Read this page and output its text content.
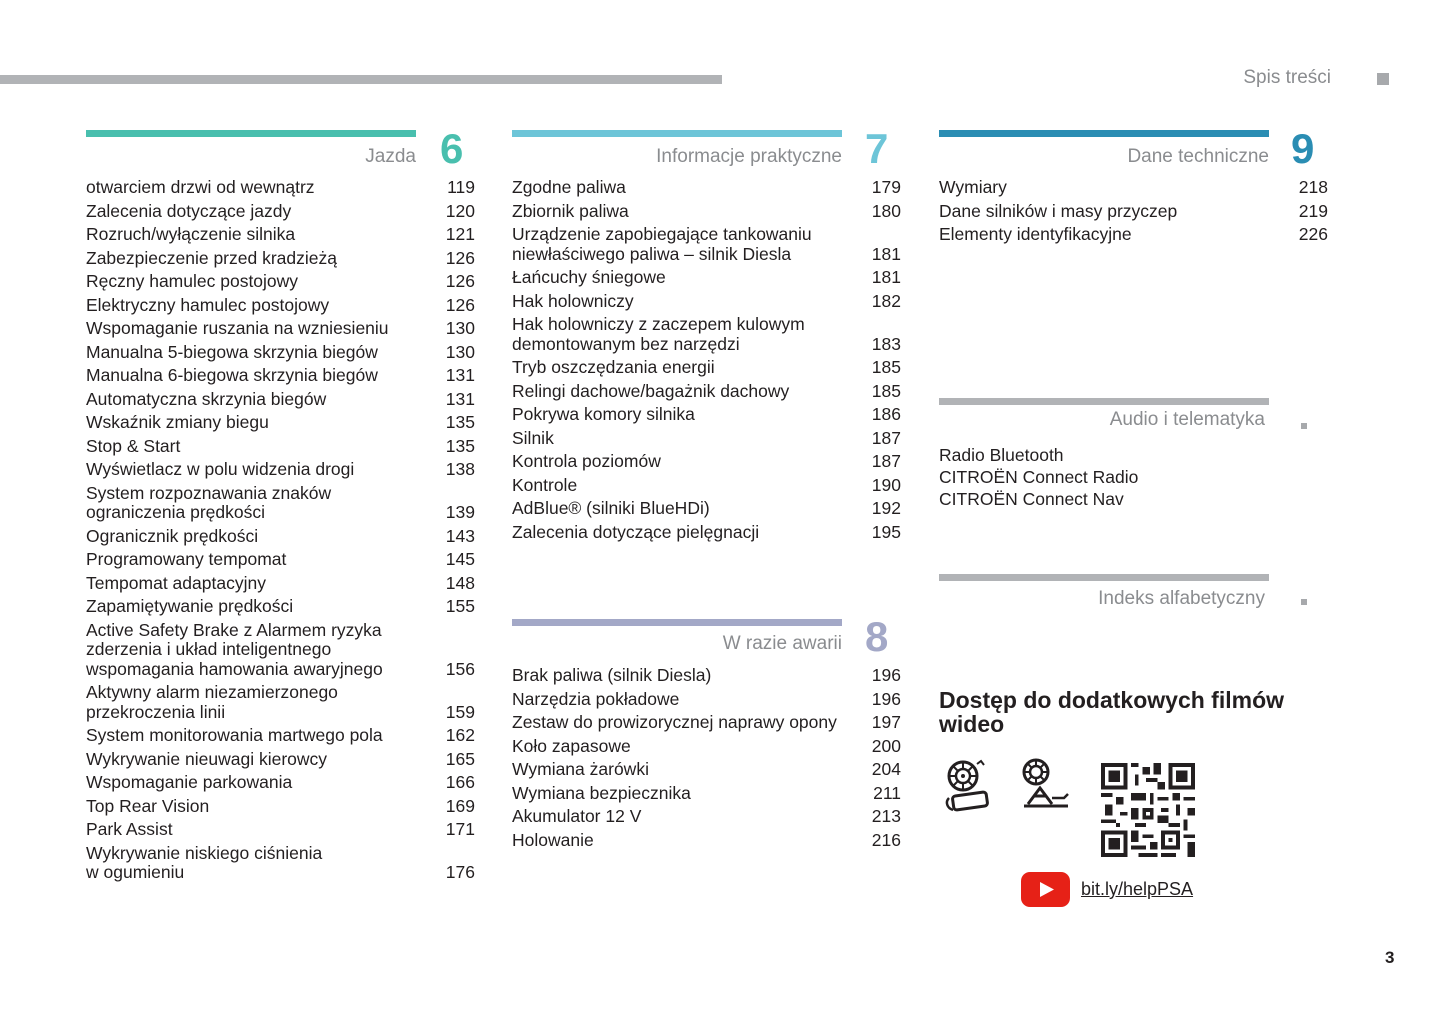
Spis treści
Jazda 6
otwarciem drzwi od wewnątrz	119
Zalecenia dotyczące jazdy	120
Rozruch/wyłączenie silnika	121
Zabezpieczenie przed kradzieżą	126
Ręczny hamulec postojowy	126
Elektryczny hamulec postojowy	126
Wspomaganie ruszania na wzniesieniu	130
Manualna 5-biegowa skrzynia biegów	130
Manualna 6-biegowa skrzynia biegów	131
Automatyczna skrzynia biegów	131
Wskaźnik zmiany biegu	135
Stop & Start	135
Wyświetlacz w polu widzenia drogi	138
System rozpoznawania znaków
ograniczenia prędkości	139
Ogranicznik prędkości	143
Programowany tempomat	145
Tempomat adaptacyjny	148
Zapamiętywanie prędkości	155
Active Safety Brake z Alarmem ryzyka
zderzenia i układ inteligentnego
wspomagania hamowania awaryjnego	156
Aktywny alarm niezamierzonego
przekroczenia linii	159
System monitorowania martwego pola	162
Wykrywanie nieuwagi kierowcy	165
Wspomaganie parkowania	166
Top Rear Vision	169
Park Assist	171
Wykrywanie niskiego ciśnienia
w ogumieniu	176
Informacje praktyczne 7
Zgodne paliwa	179
Zbiornik paliwa	180
Urządzenie zapobiegające tankowaniu
niewłaściwego paliwa – silnik Diesla	181
Łańcuchy śniegowe	181
Hak holowniczy	182
Hak holowniczy z zaczepem kulowym
demontowanym bez narzędzi	183
Tryb oszczędzania energii	185
Relingi dachowe/bagażnik dachowy	185
Pokrywa komory silnika	186
Silnik	187
Kontrola poziomów	187
Kontrole	190
AdBlue® (silniki BlueHDi)	192
Zalecenia dotyczące pielęgnacji	195
W razie awarii 8
Brak paliwa (silnik Diesla)	196
Narzędzia pokładowe	196
Zestaw do prowizorycznej naprawy opony	197
Koło zapasowe	200
Wymiana żarówki	204
Wymiana bezpiecznika	211
Akumulator 12 V	213
Holowanie	216
Dane techniczne 9
Wymiary	218
Dane silników i masy przyczep	219
Elementy identyfikacyjne	226
Audio i telematyka
Radio Bluetooth
CITROËN Connect Radio
CITROËN Connect Nav
Indeks alfabetyczny
Dostęp do dodatkowych filmów wideo
bit.ly/helpPSA
3
